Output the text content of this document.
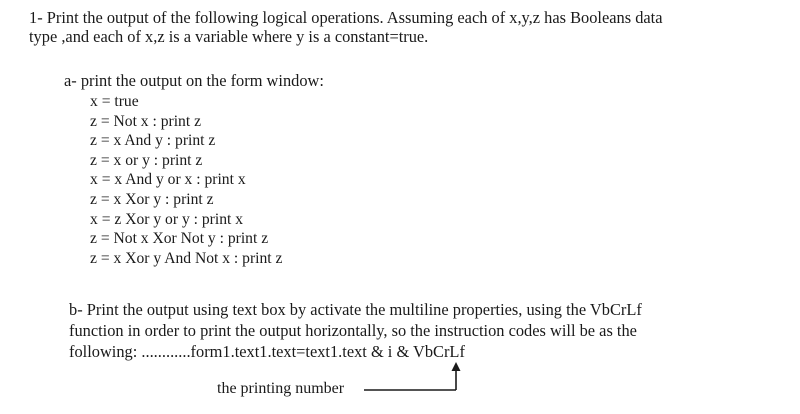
1- Print the output of the following logical operations. Assuming each of x,y,z has Booleans data
type ,and each of x,z is a variable where y is a constant=true.
a- print the output on the form window:
x = true
z = Not x : print z
z = x And y : print z
z = x or y : print z
x = x And y or x : print x
z = x Xor y : print z
x = z Xor y or y : print x
z = Not x Xor Not y : print z
z = x Xor y And Not x : print z
b- Print the output using text box by activate the multiline properties, using the VbCrLf
function in order to print the output horizontally, so the instruction codes will be as the
following: ............form1.text1.text=text1.text & i & VbCrLf
the printing number
